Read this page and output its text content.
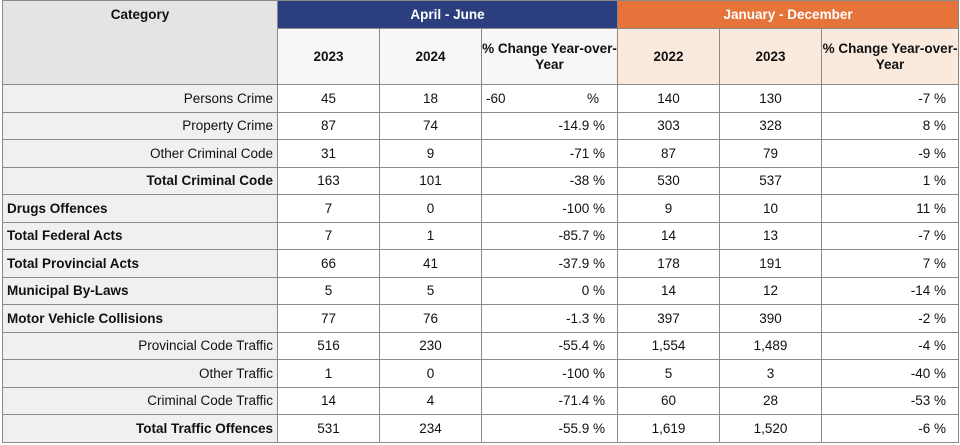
Category	April - June			January - December		
	2023	2024	% Change Year-over-Year	2022	2023	% Change Year-over-Year
Persons Crime	45	18	-60 %	140	130	-7 %
Property Crime	87	74	-14.9 %	303	328	8 %
Other Criminal Code	31	9	-71 %	87	79	-9 %
Total Criminal Code	163	101	-38 %	530	537	1 %
Drugs Offences	7	0	-100 %	9	10	11 %
Total Federal Acts	7	1	-85.7 %	14	13	-7 %
Total Provincial Acts	66	41	-37.9 %	178	191	7 %
Municipal By-Laws	5	5	0 %	14	12	-14 %
Motor Vehicle Collisions	77	76	-1.3 %	397	390	-2 %
Provincial Code Traffic	516	230	-55.4 %	1,554	1,489	-4 %
Other Traffic	1	0	-100 %	5	3	-40 %
Criminal Code Traffic	14	4	-71.4 %	60	28	-53 %
Total Traffic Offences	531	234	-55.9 %	1,619	1,520	-6 %
